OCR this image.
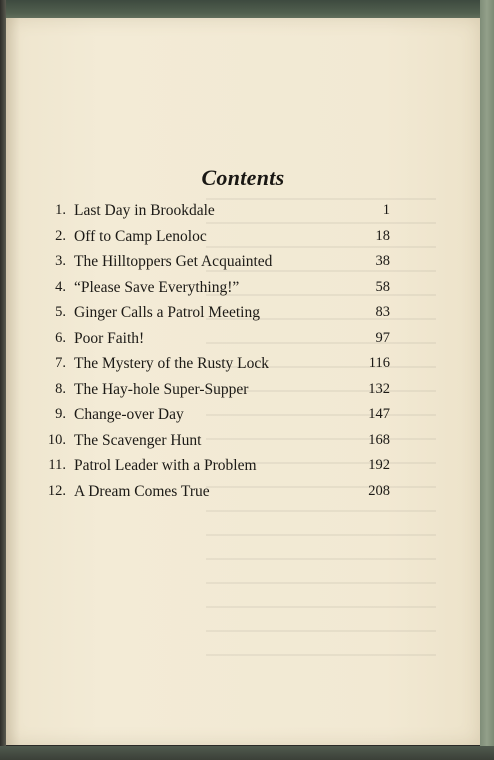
Contents
1. Last Day in Brookdale	1
2. Off to Camp Lenoloc	18
3. The Hilltoppers Get Acquainted	38
4. “Please Save Everything!”	58
5. Ginger Calls a Patrol Meeting	83
6. Poor Faith!	97
7. The Mystery of the Rusty Lock	116
8. The Hay-hole Super-Supper	132
9. Change-over Day	147
10. The Scavenger Hunt	168
11. Patrol Leader with a Problem	192
12. A Dream Comes True	208
